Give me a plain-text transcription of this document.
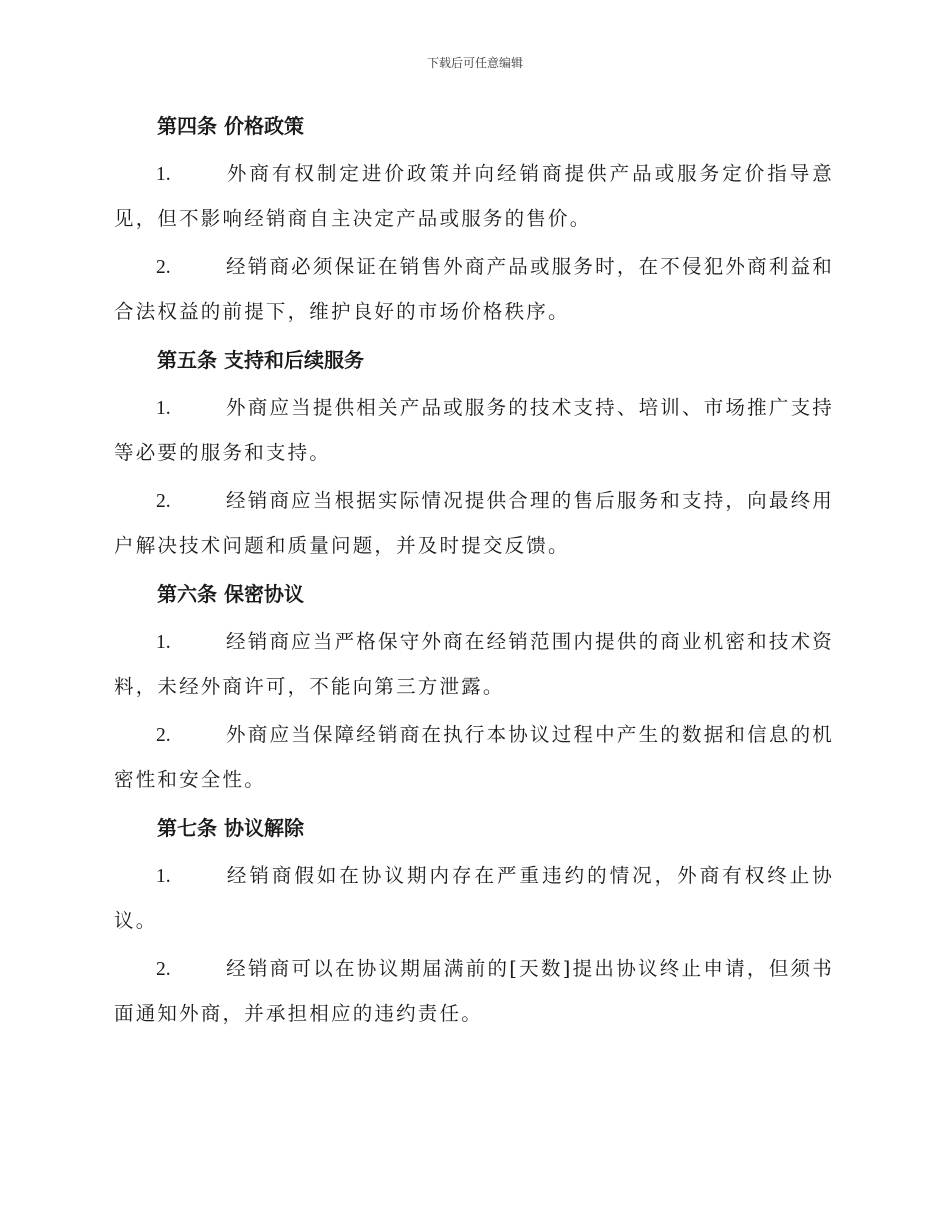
下载后可任意编辑

第四条 价格政策

1.	外商有权制定进价政策并向经销商提供产品或服务定价指导意见，但不影响经销商自主决定产品或服务的售价。

2.	经销商必须保证在销售外商产品或服务时，在不侵犯外商利益和合法权益的前提下，维护良好的市场价格秩序。

第五条 支持和后续服务

1.	外商应当提供相关产品或服务的技术支持、培训、市场推广支持等必要的服务和支持。

2.	经销商应当根据实际情况提供合理的售后服务和支持，向最终用户解决技术问题和质量问题，并及时提交反馈。

第六条 保密协议

1.	经销商应当严格保守外商在经销范围内提供的商业机密和技术资料，未经外商许可，不能向第三方泄露。

2.	外商应当保障经销商在执行本协议过程中产生的数据和信息的机密性和安全性。

第七条 协议解除

1.	经销商假如在协议期内存在严重违约的情况，外商有权终止协议。

2.	经销商可以在协议期届满前的[天数]提出协议终止申请，但须书面通知外商，并承担相应的违约责任。
